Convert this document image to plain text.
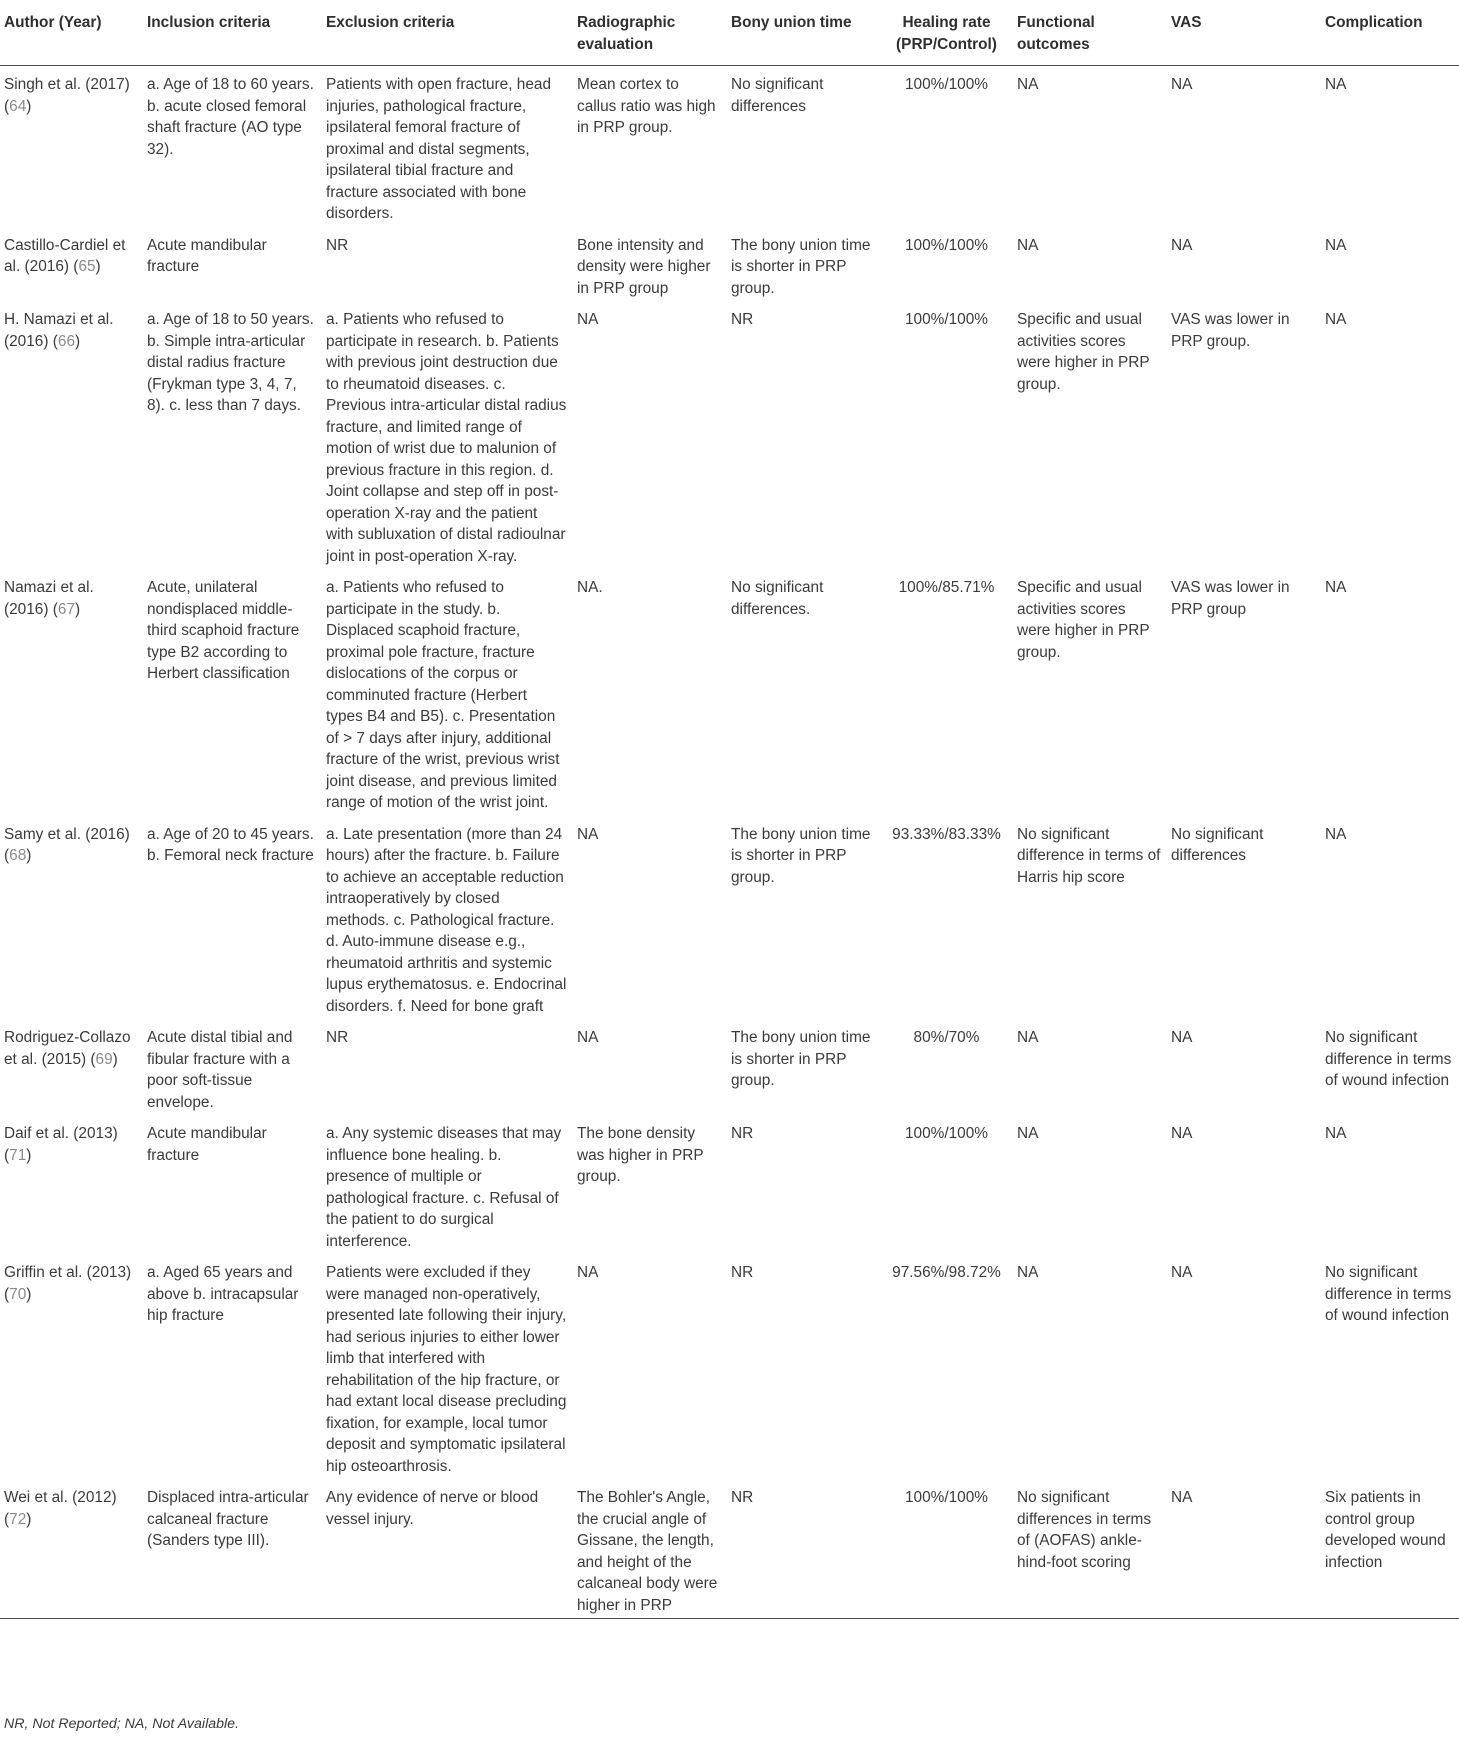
Author (Year)	Inclusion criteria	Exclusion criteria	Radiographic evaluation	Bony union time	Healing rate (PRP/Control)	Functional outcomes	VAS	Complication
Singh et al. (2017) (64)	a. Age of 18 to 60 years. b. acute closed femoral shaft fracture (AO type 32).	Patients with open fracture, head injuries, pathological fracture, ipsilateral femoral fracture of proximal and distal segments, ipsilateral tibial fracture and fracture associated with bone disorders.	Mean cortex to callus ratio was high in PRP group.	No significant differences	100%/100%	NA	NA	NA
Castillo-Cardiel et al. (2016) (65)	Acute mandibular fracture	NR	Bone intensity and density were higher in PRP group	The bony union time is shorter in PRP group.	100%/100%	NA	NA	NA
H. Namazi et al. (2016) (66)	a. Age of 18 to 50 years. b. Simple intra-articular distal radius fracture (Frykman type 3, 4, 7, 8). c. less than 7 days.	a. Patients who refused to participate in research. b. Patients with previous joint destruction due to rheumatoid diseases. c. Previous intra-articular distal radius fracture, and limited range of motion of wrist due to malunion of previous fracture in this region. d. Joint collapse and step off in post-operation X-ray and the patient with subluxation of distal radioulnar joint in post-operation X-ray.	NA	NR	100%/100%	Specific and usual activities scores were higher in PRP group.	VAS was lower in PRP group.	NA
Namazi et al. (2016) (67)	Acute, unilateral nondisplaced middle-third scaphoid fracture type B2 according to Herbert classification	a. Patients who refused to participate in the study. b. Displaced scaphoid fracture, proximal pole fracture, fracture dislocations of the corpus or comminuted fracture (Herbert types B4 and B5). c. Presentation of > 7 days after injury, additional fracture of the wrist, previous wrist joint disease, and previous limited range of motion of the wrist joint.	NA.	No significant differences.	100%/85.71%	Specific and usual activities scores were higher in PRP group.	VAS was lower in PRP group	NA
Samy et al. (2016) (68)	a. Age of 20 to 45 years. b. Femoral neck fracture	a. Late presentation (more than 24 hours) after the fracture. b. Failure to achieve an acceptable reduction intraoperatively by closed methods. c. Pathological fracture. d. Auto-immune disease e.g., rheumatoid arthritis and systemic lupus erythematosus. e. Endocrinal disorders. f. Need for bone graft	NA	The bony union time is shorter in PRP group.	93.33%/83.33%	No significant difference in terms of Harris hip score	No significant differences	NA
Rodriguez-Collazo et al. (2015) (69)	Acute distal tibial and fibular fracture with a poor soft-tissue envelope.	NR	NA	The bony union time is shorter in PRP group.	80%/70%	NA	NA	No significant difference in terms of wound infection
Daif et al. (2013) (71)	Acute mandibular fracture	a. Any systemic diseases that may influence bone healing. b. presence of multiple or pathological fracture. c. Refusal of the patient to do surgical interference.	The bone density was higher in PRP group.	NR	100%/100%	NA	NA	NA
Griffin et al. (2013) (70)	a. Aged 65 years and above b. intracapsular hip fracture	Patients were excluded if they were managed non-operatively, presented late following their injury, had serious injuries to either lower limb that interfered with rehabilitation of the hip fracture, or had extant local disease precluding fixation, for example, local tumor deposit and symptomatic ipsilateral hip osteoarthrosis.	NA	NR	97.56%/98.72%	NA	NA	No significant difference in terms of wound infection
Wei et al. (2012) (72)	Displaced intra-articular calcaneal fracture (Sanders type III).	Any evidence of nerve or blood vessel injury.	The Bohler's Angle, the crucial angle of Gissane, the length, and height of the calcaneal body were higher in PRP	NR	100%/100%	No significant differences in terms of (AOFAS) ankle-hind-foot scoring	NA	Six patients in control group developed wound infection
NR, Not Reported; NA, Not Available.
